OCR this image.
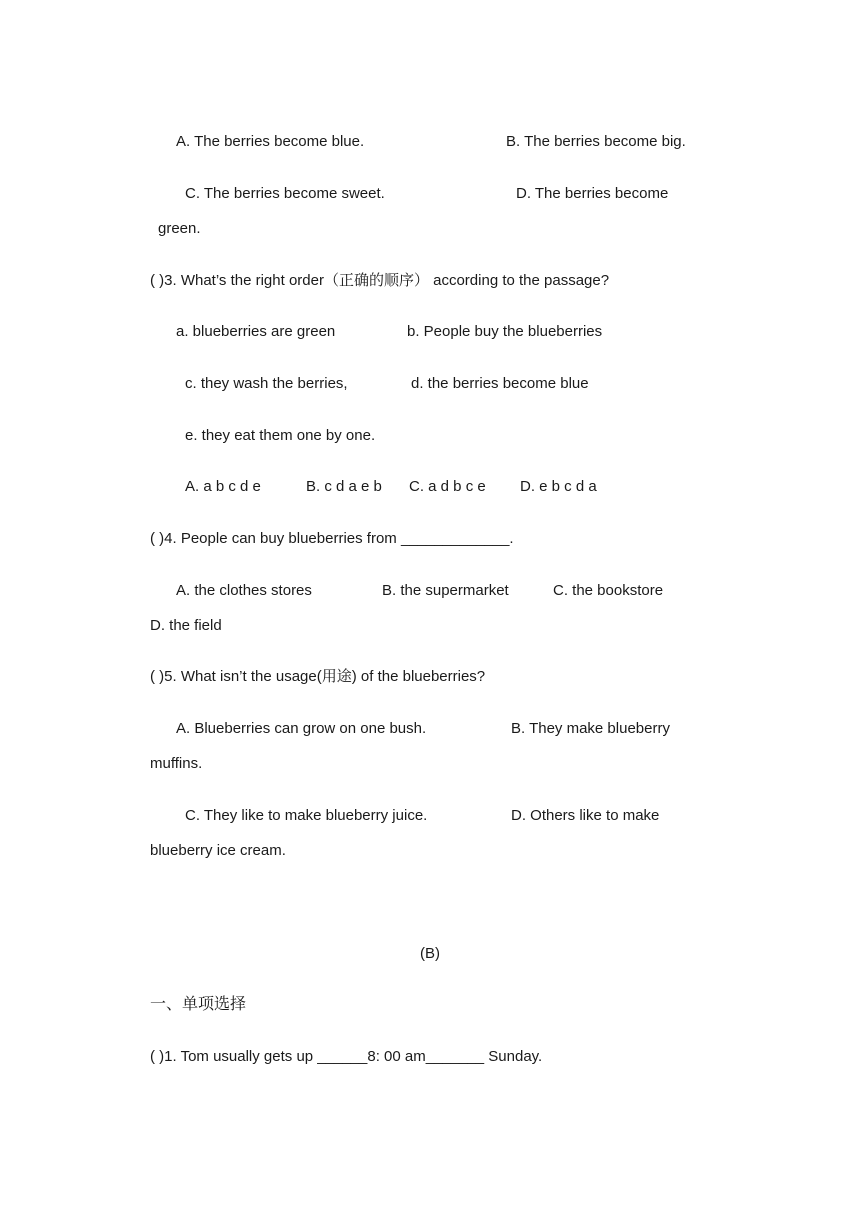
A. The berries become blue.	B. The berries become big.
C. The berries become sweet.	D. The berries become
green.
( )3. What’s the right order（正确的顺序） according to the passage?
a. blueberries are green	b. People buy the blueberries
c. they wash the berries,	d. the berries become blue
e. they eat them one by one.
A. a b c d e	B. c d a e b C. a d b c e D. e b c d a
( )4. People can buy blueberries from _____________.
A. the clothes stores	B. the supermarket	C. the bookstore
D. the field
( )5. What isn’t the usage(用途) of the blueberries?
A. Blueberries can grow on one bush.	B. They make blueberry
muffins.
C. They like to make blueberry juice.	D. Others like to make
blueberry ice cream.
(B)
一、单项选择
( )1. Tom usually gets up ______8: 00 am_______ Sunday.
